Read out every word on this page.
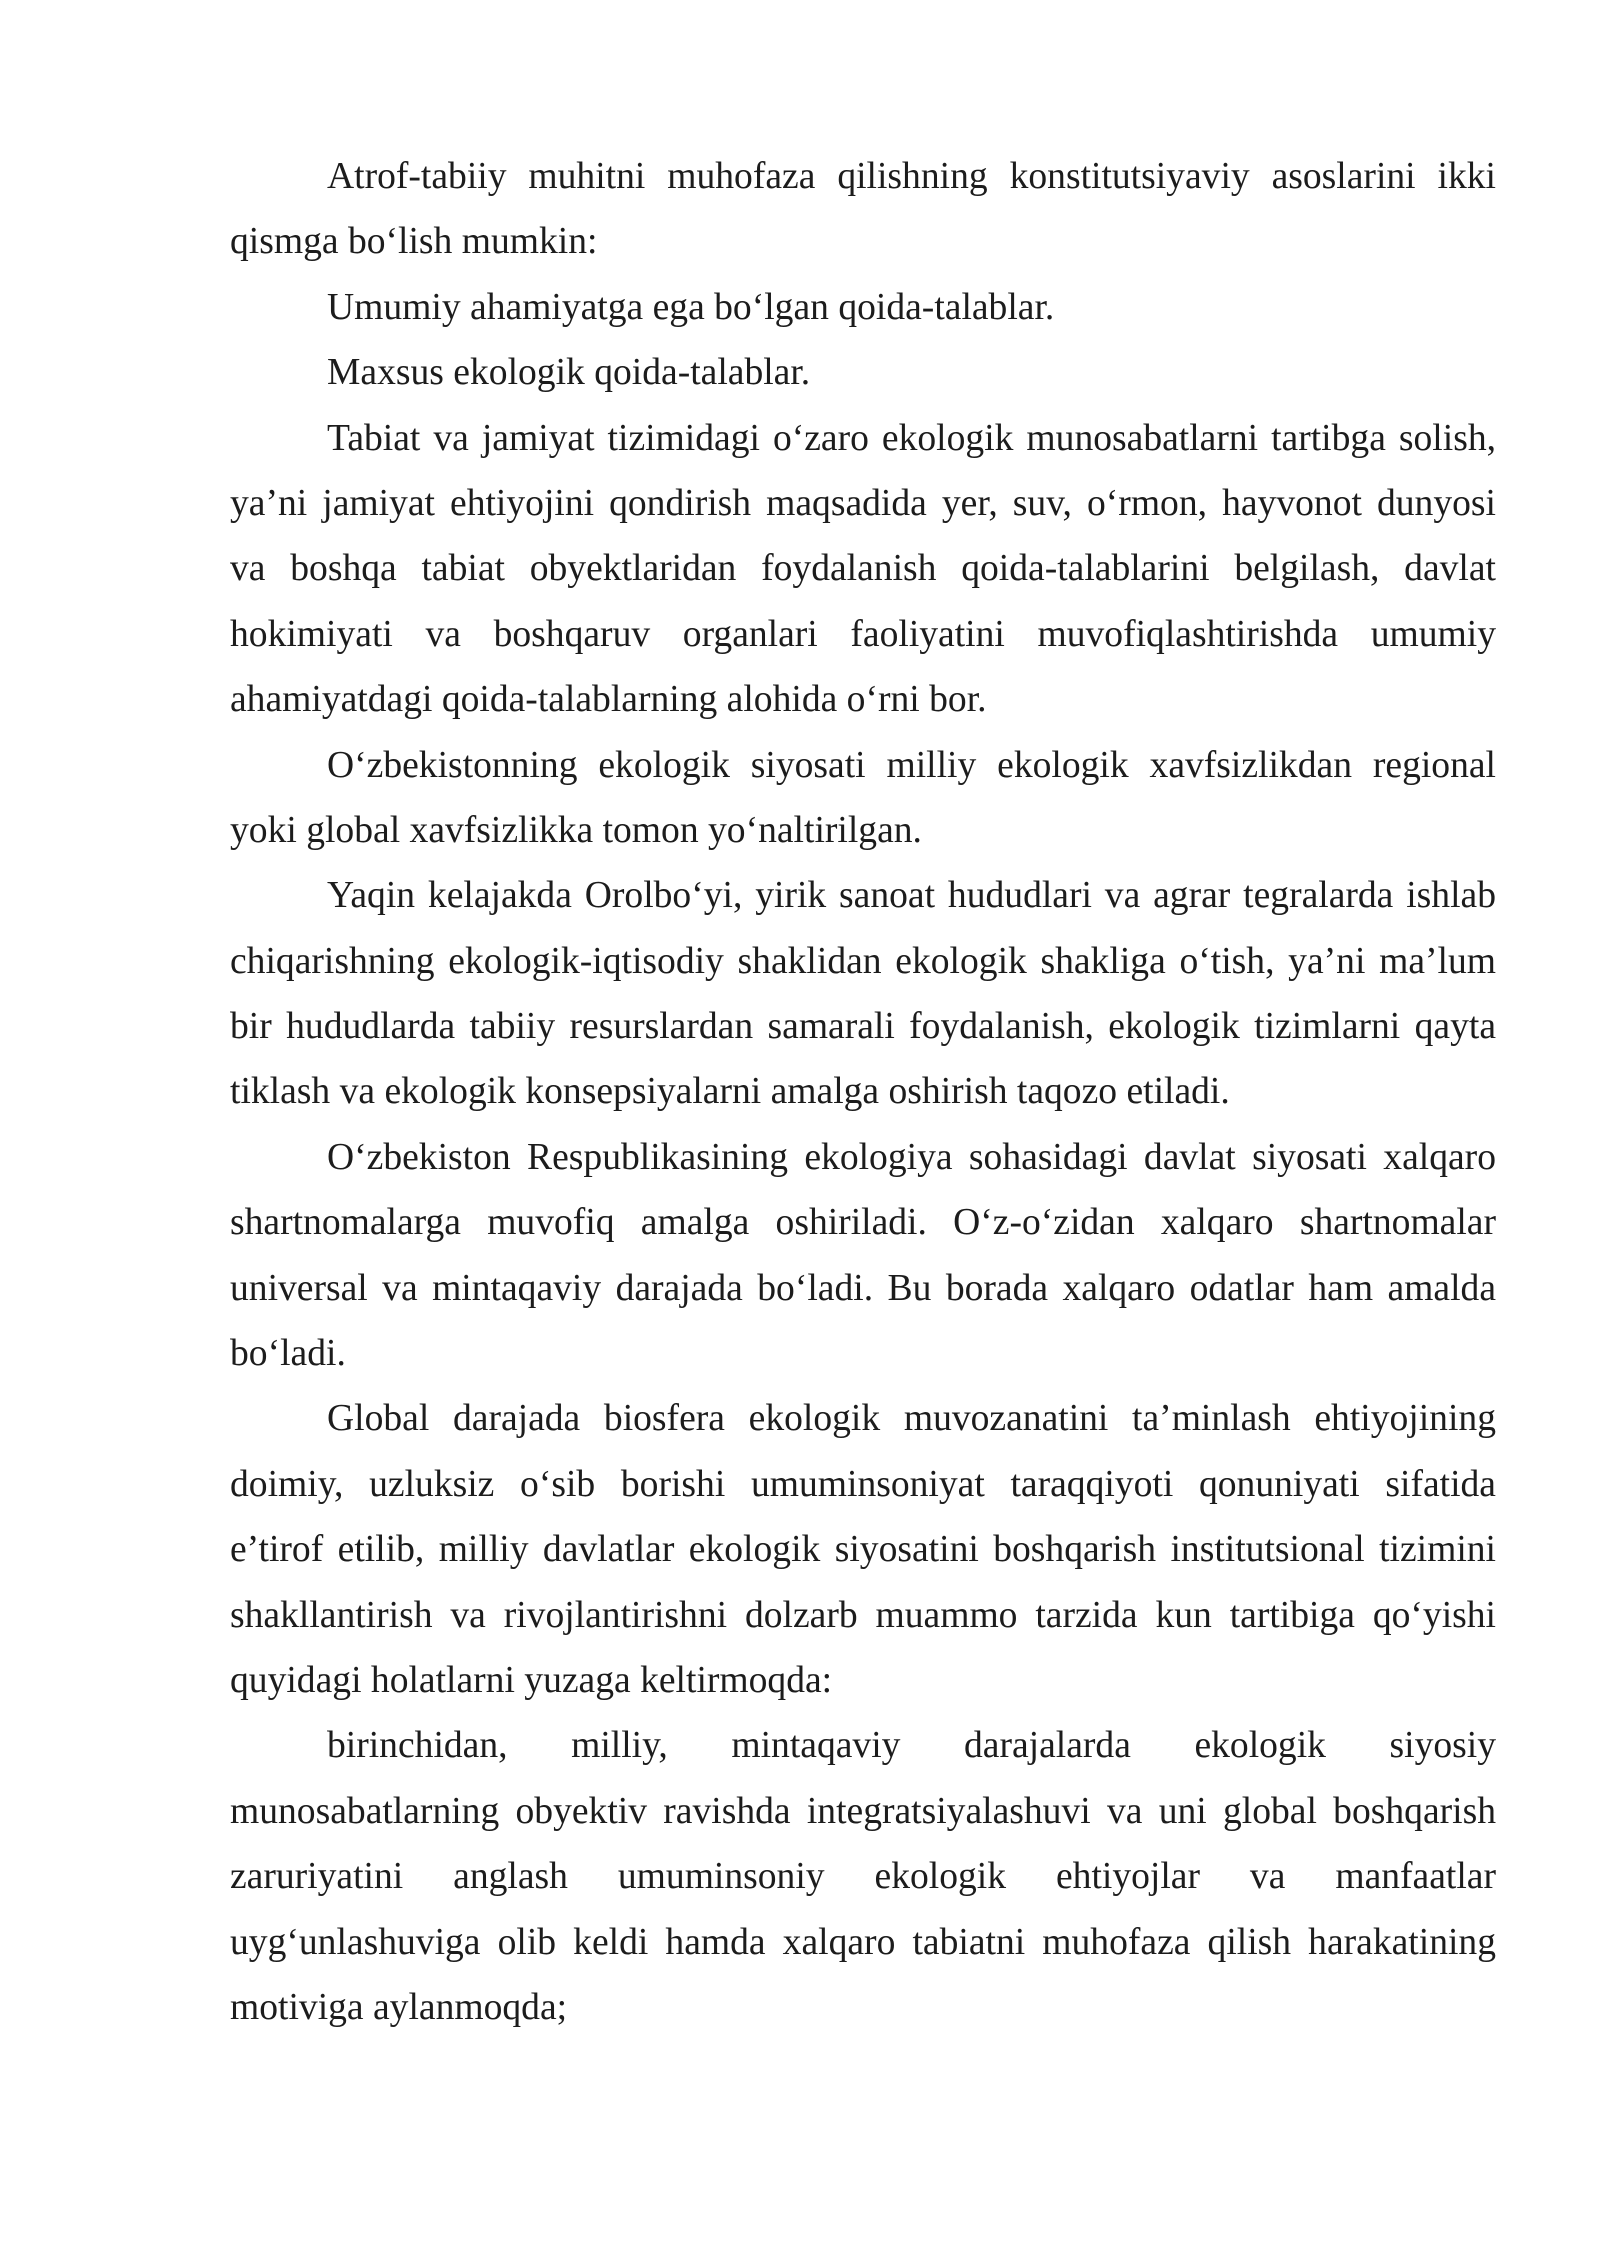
Atrof-tabiiy muhitni muhofaza qilishning konstitutsiyaviy asoslarini ikki
qismga bo‘lish mumkin:
Umumiy ahamiyatga ega bo‘lgan qoida-talablar.
Maxsus ekologik qoida-talablar.
Tabiat va jamiyat tizimidagi o‘zaro ekologik munosabatlarni tartibga solish,
ya’ni jamiyat ehtiyojini qondirish maqsadida yer, suv, o‘rmon, hayvonot dunyosi
va boshqa tabiat obyektlaridan foydalanish qoida-talablarini belgilash, davlat
hokimiyati va boshqaruv organlari faoliyatini muvofiqlashtirishda umumiy
ahamiyatdagi qoida-talablarning alohida o‘rni bor.
O‘zbekistonning ekologik siyosati milliy ekologik xavfsizlikdan regional
yoki global xavfsizlikka tomon yo‘naltirilgan.
Yaqin kelajakda Orolbo‘yi, yirik sanoat hududlari va agrar tegralarda ishlab
chiqarishning ekologik-iqtisodiy shaklidan ekologik shakliga o‘tish, ya’ni ma’lum
bir hududlarda tabiiy resurslardan samarali foydalanish, ekologik tizimlarni qayta
tiklash va ekologik konsepsiyalarni amalga oshirish taqozo etiladi.
O‘zbekiston Respublikasining ekologiya sohasidagi davlat siyosati xalqaro
shartnomalarga muvofiq amalga oshiriladi. O‘z-o‘zidan xalqaro shartnomalar
universal va mintaqaviy darajada bo‘ladi. Bu borada xalqaro odatlar ham amalda
bo‘ladi.
Global darajada biosfera ekologik muvozanatini ta’minlash ehtiyojining
doimiy, uzluksiz o‘sib borishi umuminsoniyat taraqqiyoti qonuniyati sifatida
e’tirof etilib, milliy davlatlar ekologik siyosatini boshqarish institutsional tizimini
shakllantirish va rivojlantirishni dolzarb muammo tarzida kun tartibiga qo‘yishi
quyidagi holatlarni yuzaga keltirmoqda:
birinchidan, milliy, mintaqaviy darajalarda ekologik siyosiy
munosabatlarning obyektiv ravishda integratsiyalashuvi va uni global boshqarish
zaruriyatini anglash umuminsoniy ekologik ehtiyojlar va manfaatlar
uyg‘unlashuviga olib keldi hamda xalqaro tabiatni muhofaza qilish harakatining
motiviga aylanmoqda;
